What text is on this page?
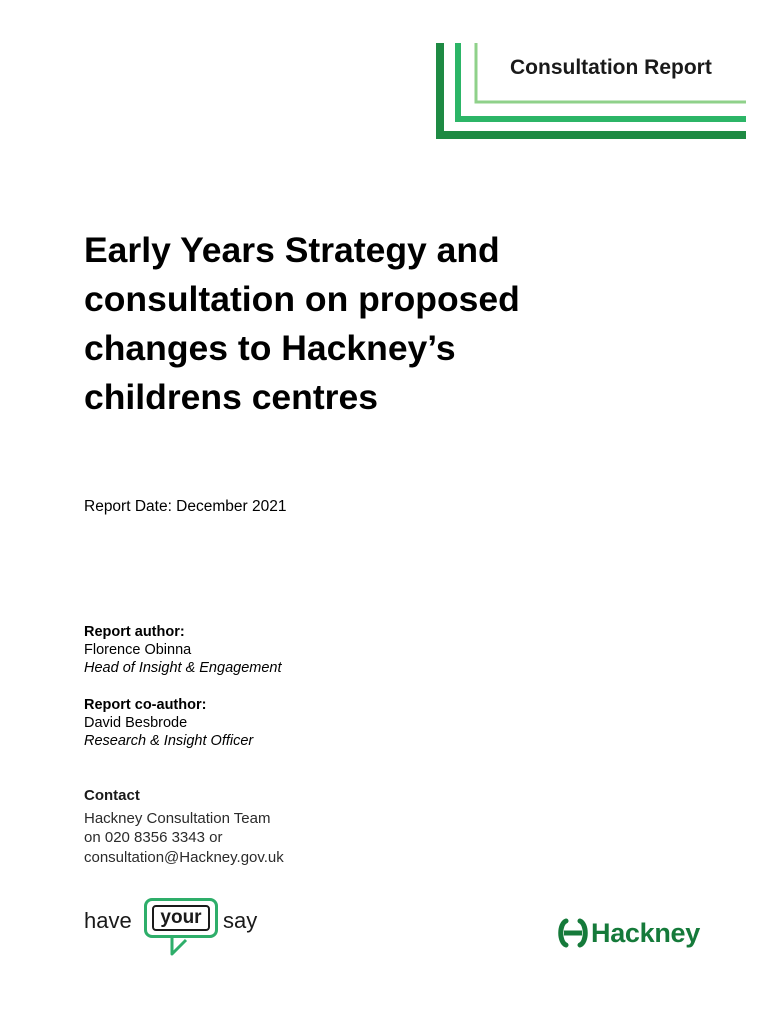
Consultation Report
Early Years Strategy and
consultation on proposed
changes to Hackney’s
childrens centres
Report Date: December 2021
Report author:
Florence Obinna
Head of Insight & Engagement
Report co-author:
David Besbrode
Research & Insight Officer
Contact
Hackney Consultation Team
on 020 8356 3343 or
consultation@Hackney.gov.uk
have	your say	Hackney
